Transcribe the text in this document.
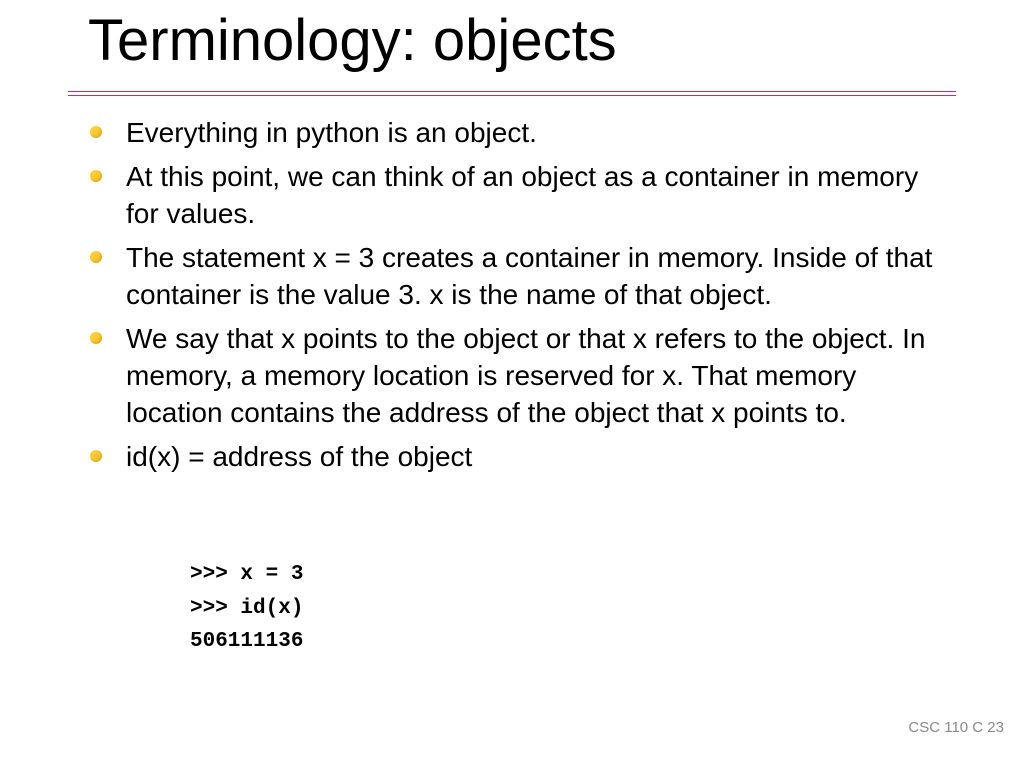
Terminology: objects
Everything in python is an object.
At this point, we can think of an object as a container in memory for values.
The statement x = 3 creates a container in memory. Inside of that container is the value 3. x is the name of that object.
We say that x points to the object or that x refers to the object. In memory, a memory location is reserved for x. That memory location contains the address of the object that x points to.
id(x) = address of the object
>>> x = 3
>>> id(x)
506111136
CSC 110 C 23
